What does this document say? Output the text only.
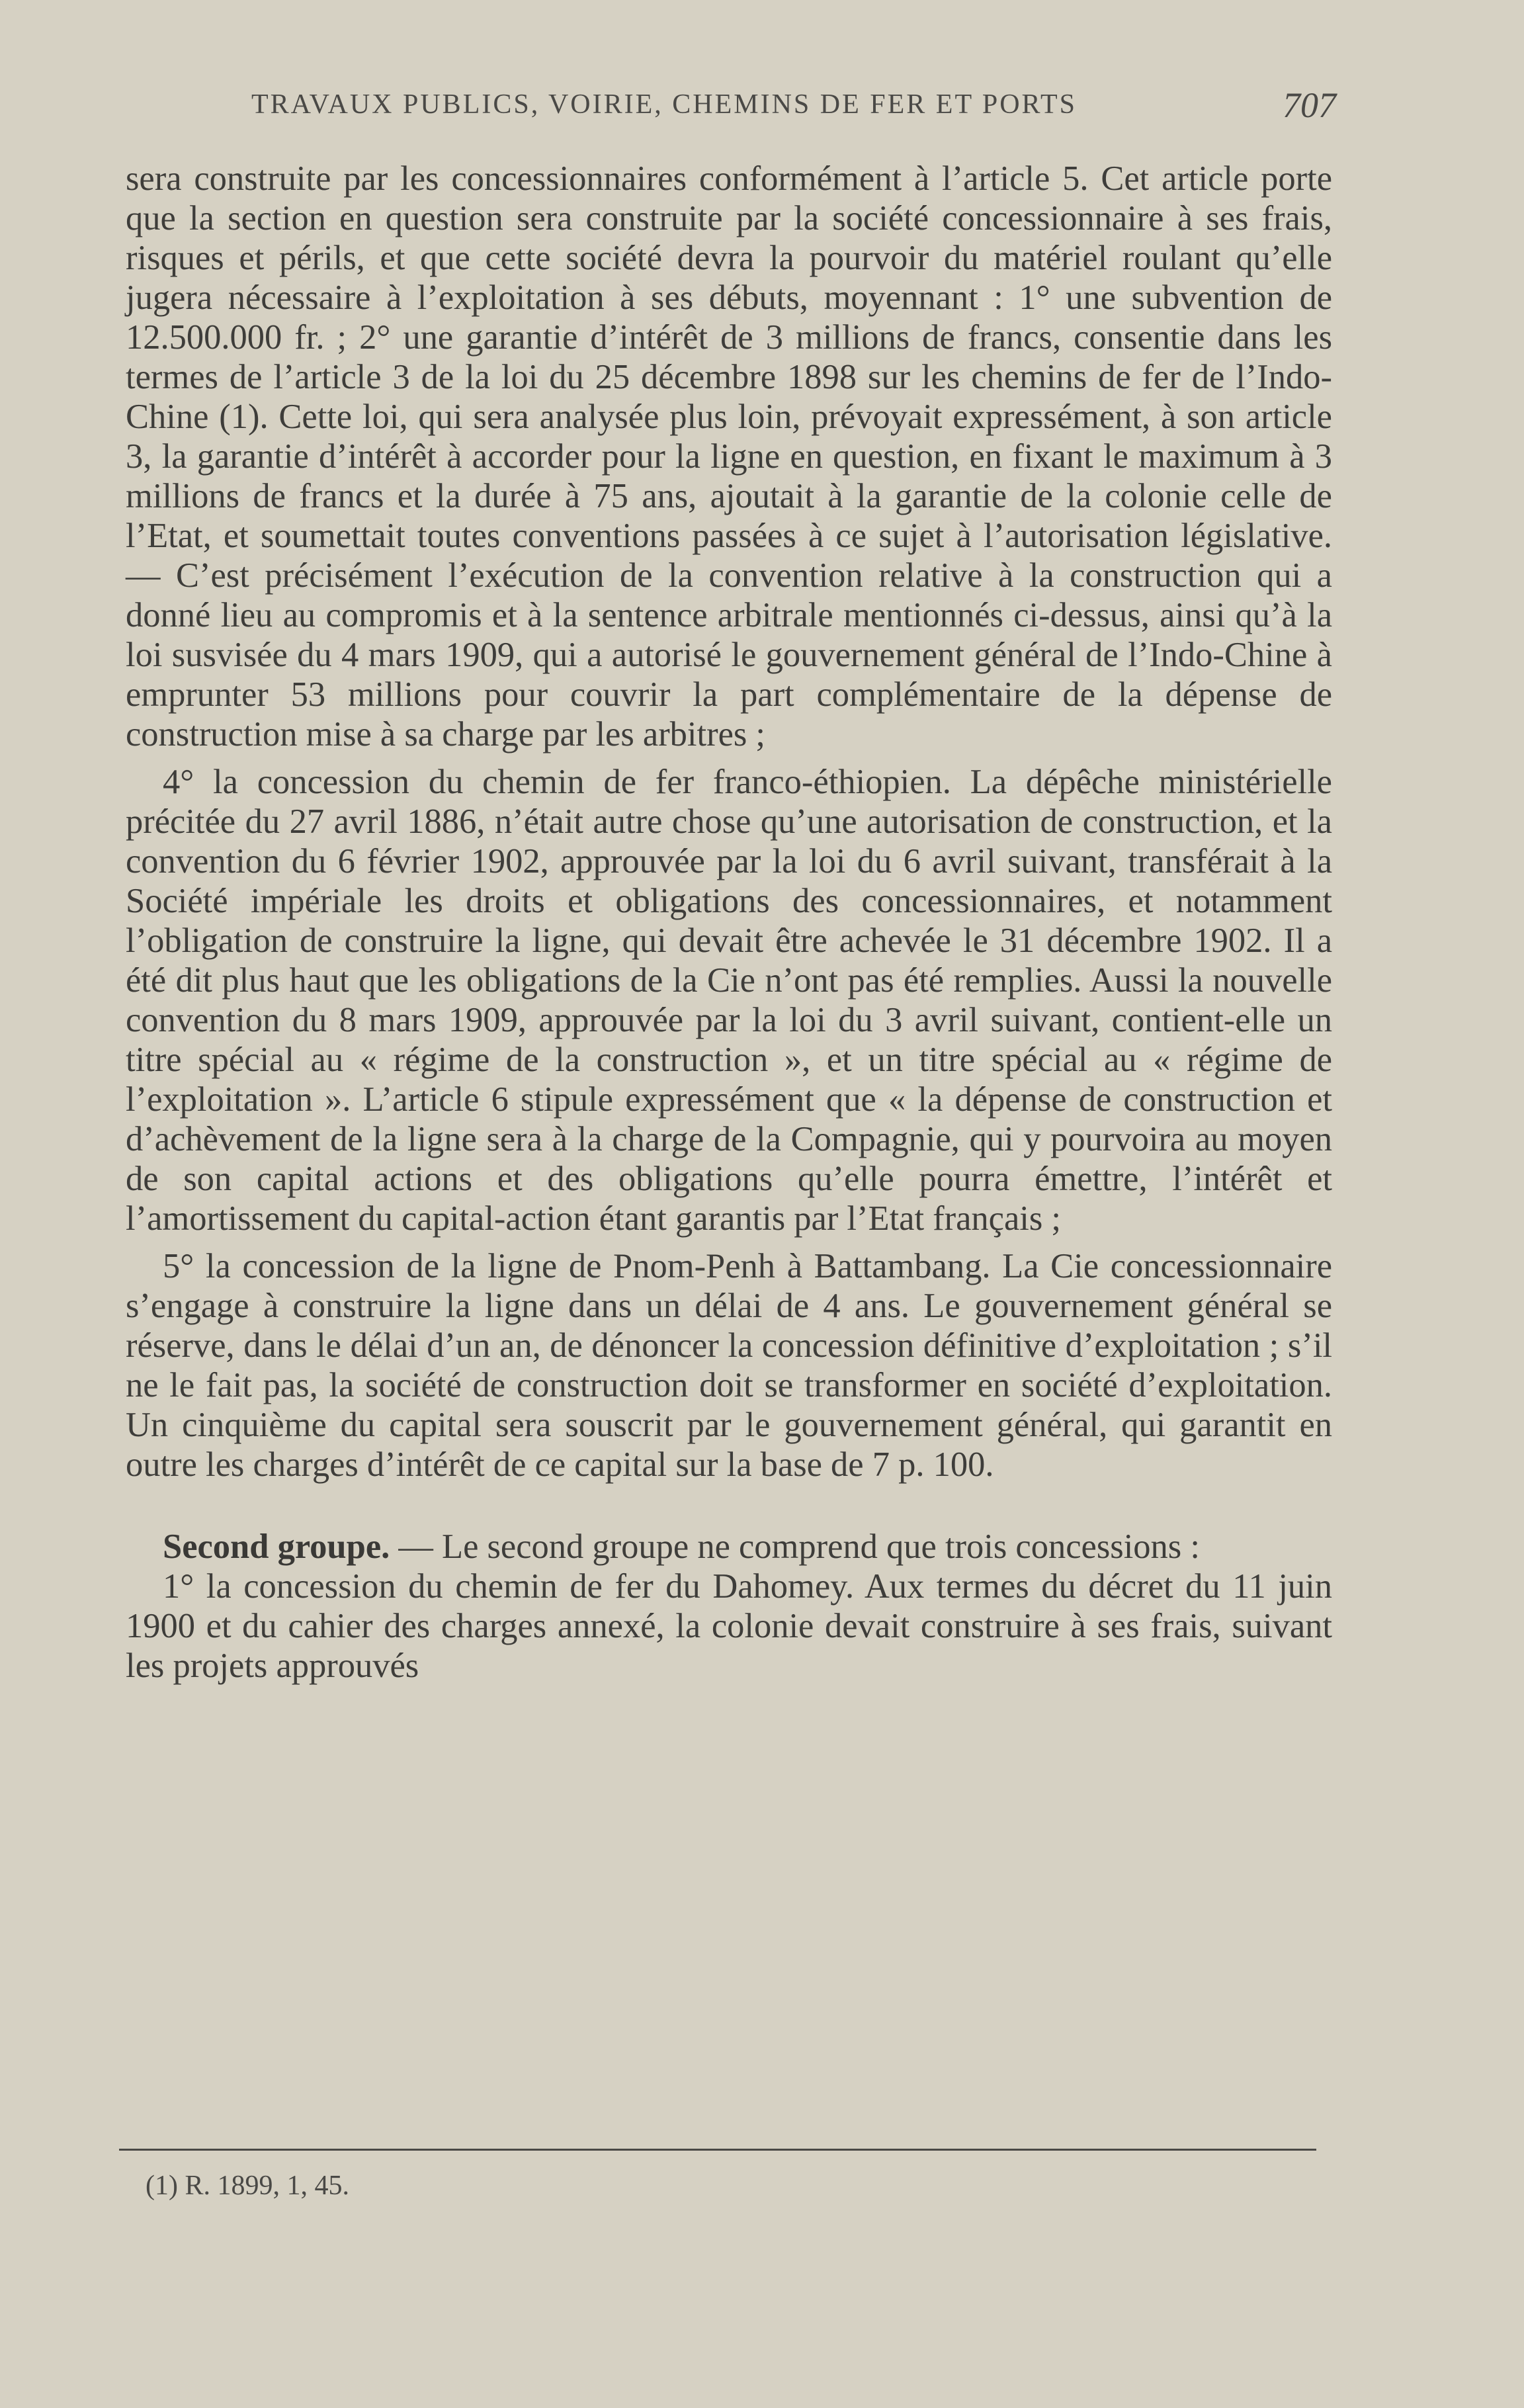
TRAVAUX PUBLICS, VOIRIE, CHEMINS DE FER ET PORTS	707

sera construite par les concessionnaires conformément à l’article 5. Cet article porte que la section en question sera construite par la société concessionnaire à ses frais, risques et périls, et que cette société devra la pourvoir du matériel roulant qu’elle jugera nécessaire à l’exploitation à ses débuts, moyennant : 1° une subvention de 12.500.000 fr. ; 2° une garantie d’intérêt de 3 millions de francs, consentie dans les termes de l’article 3 de la loi du 25 décembre 1898 sur les chemins de fer de l’Indo-Chine (1). Cette loi, qui sera analysée plus loin, prévoyait expressément, à son article 3, la garantie d’intérêt à accorder pour la ligne en question, en fixant le maximum à 3 millions de francs et la durée à 75 ans, ajoutait à la garantie de la colonie celle de l’Etat, et soumettait toutes conventions passées à ce sujet à l’autorisation législative. — C’est précisément l’exécution de la convention relative à la construction qui a donné lieu au compromis et à la sentence arbitrale mentionnés ci-dessus, ainsi qu’à la loi susvisée du 4 mars 1909, qui a autorisé le gouvernement général de l’Indo-Chine à emprunter 53 millions pour couvrir la part complémentaire de la dépense de construction mise à sa charge par les arbitres ;

4° la concession du chemin de fer franco-éthiopien. La dépêche ministérielle précitée du 27 avril 1886, n’était autre chose qu’une autorisation de construction, et la convention du 6 février 1902, approuvée par la loi du 6 avril suivant, transférait à la Société impériale les droits et obligations des concessionnaires, et notamment l’obligation de construire la ligne, qui devait être achevée le 31 décembre 1902. Il a été dit plus haut que les obligations de la Cie n’ont pas été remplies. Aussi la nouvelle convention du 8 mars 1909, approuvée par la loi du 3 avril suivant, contient-elle un titre spécial au « régime de la construction », et un titre spécial au « régime de l’exploitation ». L’article 6 stipule expressément que « la dépense de construction et d’achèvement de la ligne sera à la charge de la Compagnie, qui y pourvoira au moyen de son capital actions et des obligations qu’elle pourra émettre, l’intérêt et l’amortissement du capital-action étant garantis par l’Etat français ;

5° la concession de la ligne de Pnom-Penh à Battambang. La Cie concessionnaire s’engage à construire la ligne dans un délai de 4 ans. Le gouvernement général se réserve, dans le délai d’un an, de dénoncer la concession définitive d’exploitation ; s’il ne le fait pas, la société de construction doit se transformer en société d’exploitation. Un cinquième du capital sera souscrit par le gouvernement général, qui garantit en outre les charges d’intérêt de ce capital sur la base de 7 p. 100.

Second groupe. — Le second groupe ne comprend que trois concessions :

1° la concession du chemin de fer du Dahomey. Aux termes du décret du 11 juin 1900 et du cahier des charges annexé, la colonie devait construire à ses frais, suivant les projets approuvés

(1) R. 1899, 1, 45.
